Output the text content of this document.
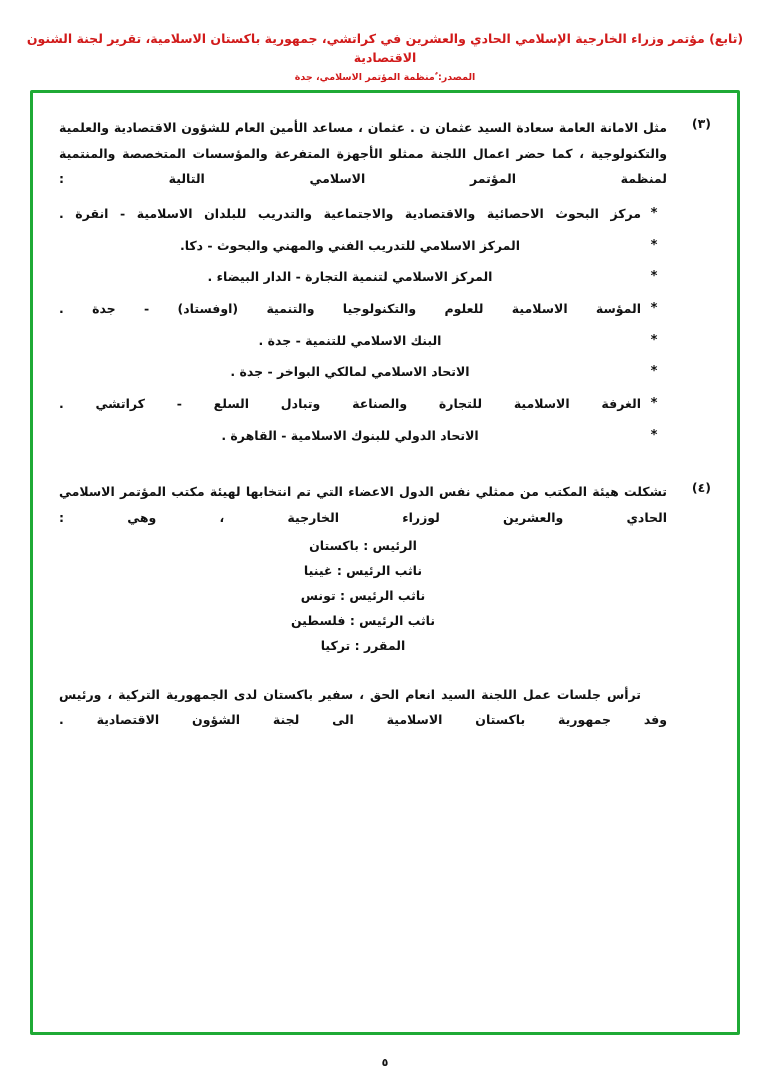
(تابع) مؤتمر وزراء الخارجية الإسلامي الحادي والعشرين في كراتشي، جمهورية باكستان الاسلامية، تقرير لجنة الشنون الاقتصادية
المصدر: ٌمنظمة المؤتمر الاسلامي، جدة
(٣)
مثل الامانة العامة سعادة السيد عثمان ن . عثمان ، مساعد الأمين العام للشؤون الاقتصادية والعلمية والتكنولوجية ، كما حضر اعمال اللجنة ممثلو الأجهزة المتفرعة والمؤسسات المتخصصة والمنتمية لمنظمة المؤتمر الاسلامي التالية :
*
مركز البحوث الاحصائية والاقتصادية والاجتماعية والتدريب للبلدان الاسلامية - انقرة .
*
المركز الاسلامي للتدريب الفني والمهني والبحوث - دكا.
*
المركز الاسلامي لتنمية التجارة - الدار البيضاء .
*
المؤسة الاسلامية للعلوم والتكنولوجيا والتنمية (اوفستاد) - جدة .
*
البنك الاسلامي للتنمية - جدة .
*
الاتحاد الاسلامي لمالكي البواخر - جدة .
*
الغرفة الاسلامية للتجارة والصناعة وتبادل السلع - كراتشي .
*
الاتحاد الدولي للبنوك الاسلامية - القاهرة .
(٤)
تشكلت هيئة المكتب من ممثلي نفس الدول الاعضاء التي تم انتخابها لهيئة مكتب المؤتمر الاسلامي الحادي والعشرين لوزراء الخارجية ، وهي :
الرئيس : باكستان
ناثب الرئيس : غينيا
ناثب الرئيس : تونس
ناثب الرئيس : فلسطين
المقرر : تركيا
ترأس جلسات عمل اللجنة السيد انعام الحق ، سفير باكستان لدى الجمهورية التركية ، ورئيس وفد جمهورية باكستان الاسلامية الى لجنة الشؤون الاقتصادية .
٥
